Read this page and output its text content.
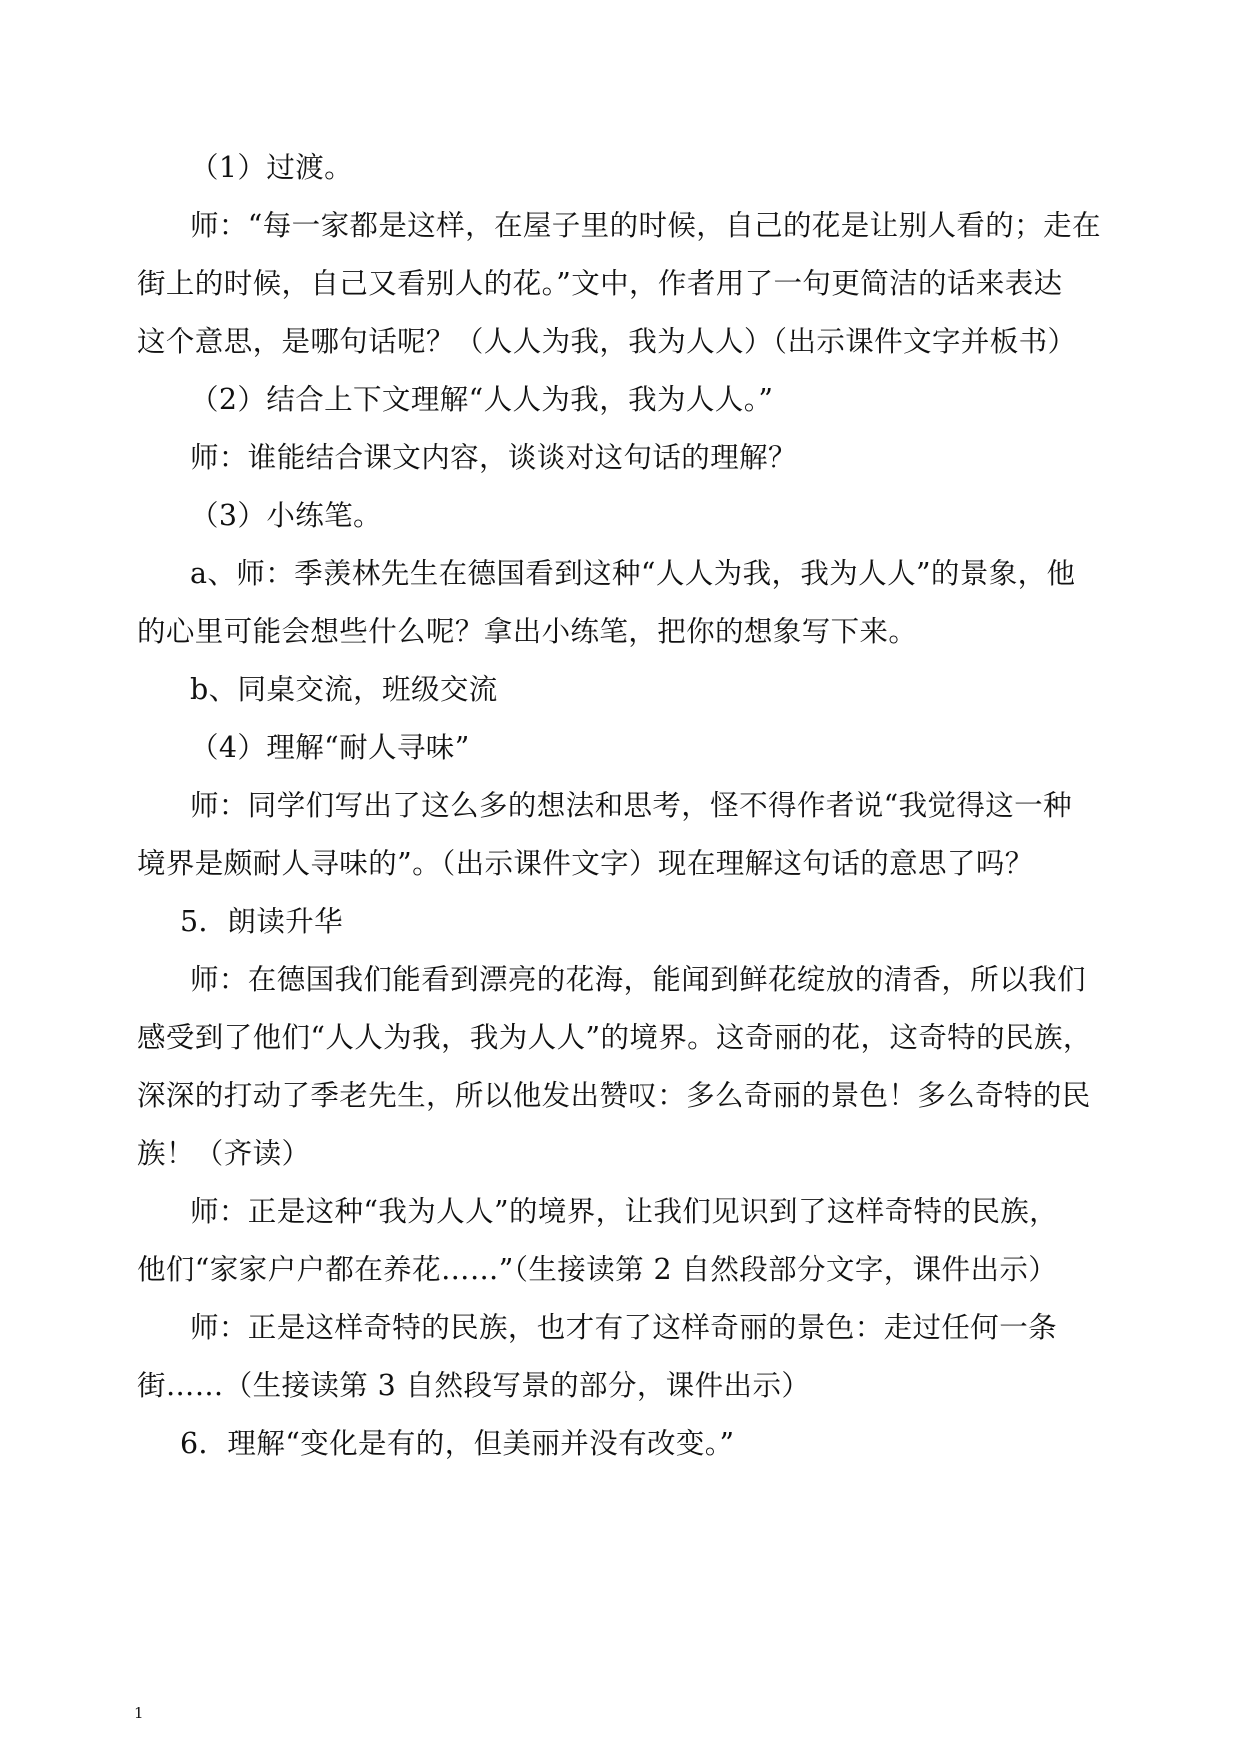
（1）过渡。
师：“每一家都是这样，在屋子里的时候，自己的花是让别人看的；走在
街上的时候，自己又看别人的花。”文中，作者用了一句更简洁的话来表达
这个意思，是哪句话呢？（人人为我，我为人人）（出示课件文字并板书）
（2）结合上下文理解“人人为我，我为人人。”
师：谁能结合课文内容，谈谈对这句话的理解？
（3）小练笔。
a、师：季羡林先生在德国看到这种“人人为我，我为人人”的景象，他
的心里可能会想些什么呢？拿出小练笔，把你的想象写下来。
b、同桌交流，班级交流
（4）理解“耐人寻味”
师：同学们写出了这么多的想法和思考，怪不得作者说“我觉得这一种
境界是颇耐人寻味的”。（出示课件文字）现在理解这句话的意思了吗？
5．朗读升华
师：在德国我们能看到漂亮的花海，能闻到鲜花绽放的清香，所以我们
感受到了他们“人人为我，我为人人”的境界。这奇丽的花，这奇特的民族，
深深的打动了季老先生，所以他发出赞叹：多么奇丽的景色！多么奇特的民
族！（齐读）
师：正是这种“我为人人”的境界，让我们见识到了这样奇特的民族，
他们“家家户户都在养花……”（生接读第 2 自然段部分文字，课件出示）
师：正是这样奇特的民族，也才有了这样奇丽的景色：走过任何一条
街……（生接读第 3 自然段写景的部分，课件出示）
6．理解“变化是有的，但美丽并没有改变。”
1
